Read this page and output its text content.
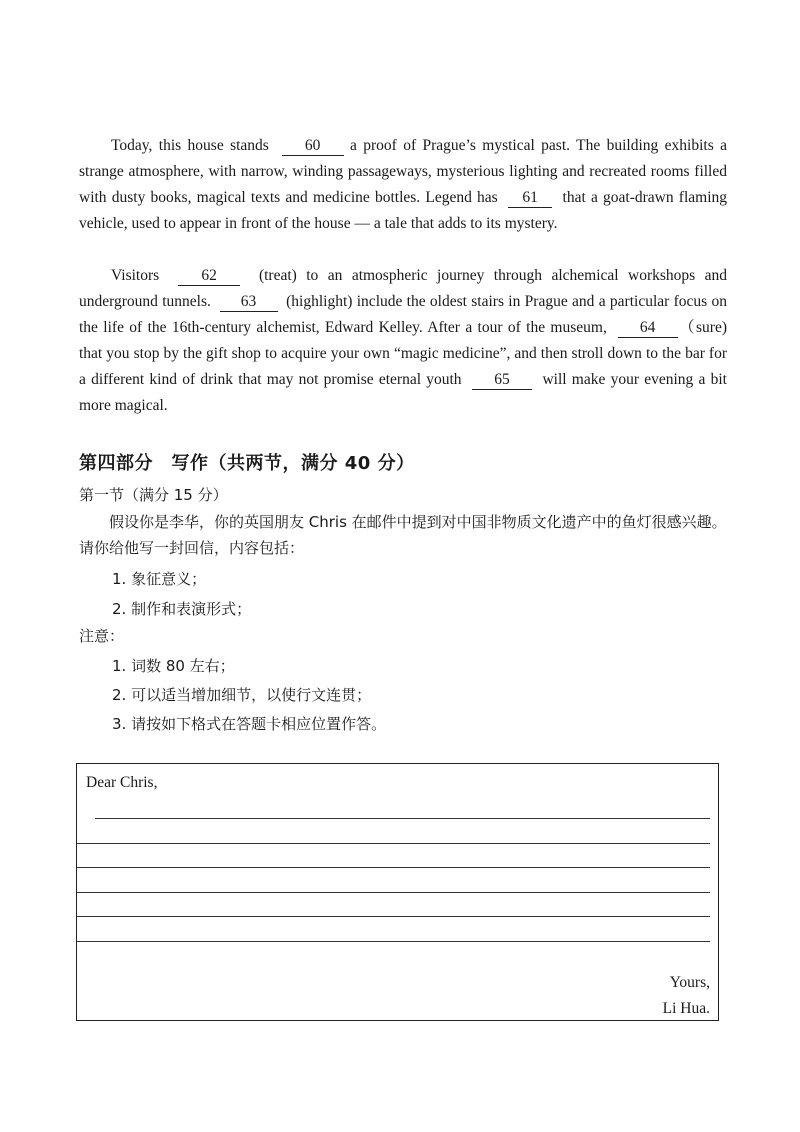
Today, this house stands 60 a proof of Prague’s mystical past. The building exhibits a strange atmosphere, with narrow, winding passageways, mysterious lighting and recreated rooms filled with dusty books, magical texts and medicine bottles. Legend has 61 that a goat-drawn flaming vehicle, used to appear in front of the house — a tale that adds to its mystery.

Visitors	62	(treat) to an atmospheric journey through alchemical workshops and underground tunnels. 63 (highlight) include the oldest stairs in Prague and a particular focus on the life of the 16th-century alchemist, Edward Kelley. After a tour of the museum, 64 （sure) that you stop by the gift shop to acquire your own “magic medicine”, and then stroll down to the bar for a different kind of drink that may not promise eternal youth 65 will make your evening a bit more magical.

第四部分　写作（共两节，满分 40 分）
第一节（满分 15 分）
假设你是李华，你的英国朋友 Chris 在邮件中提到对中国非物质文化遗产中的鱼灯很感兴趣。请你给他写一封回信，内容包括：
1. 象征意义；
2. 制作和表演形式；
注意：
1. 词数 80 左右；
2. 可以适当增加细节，以使行文连贯；
3. 请按如下格式在答题卡相应位置作答。
Dear Chris,
Yours,
Li Hua.
